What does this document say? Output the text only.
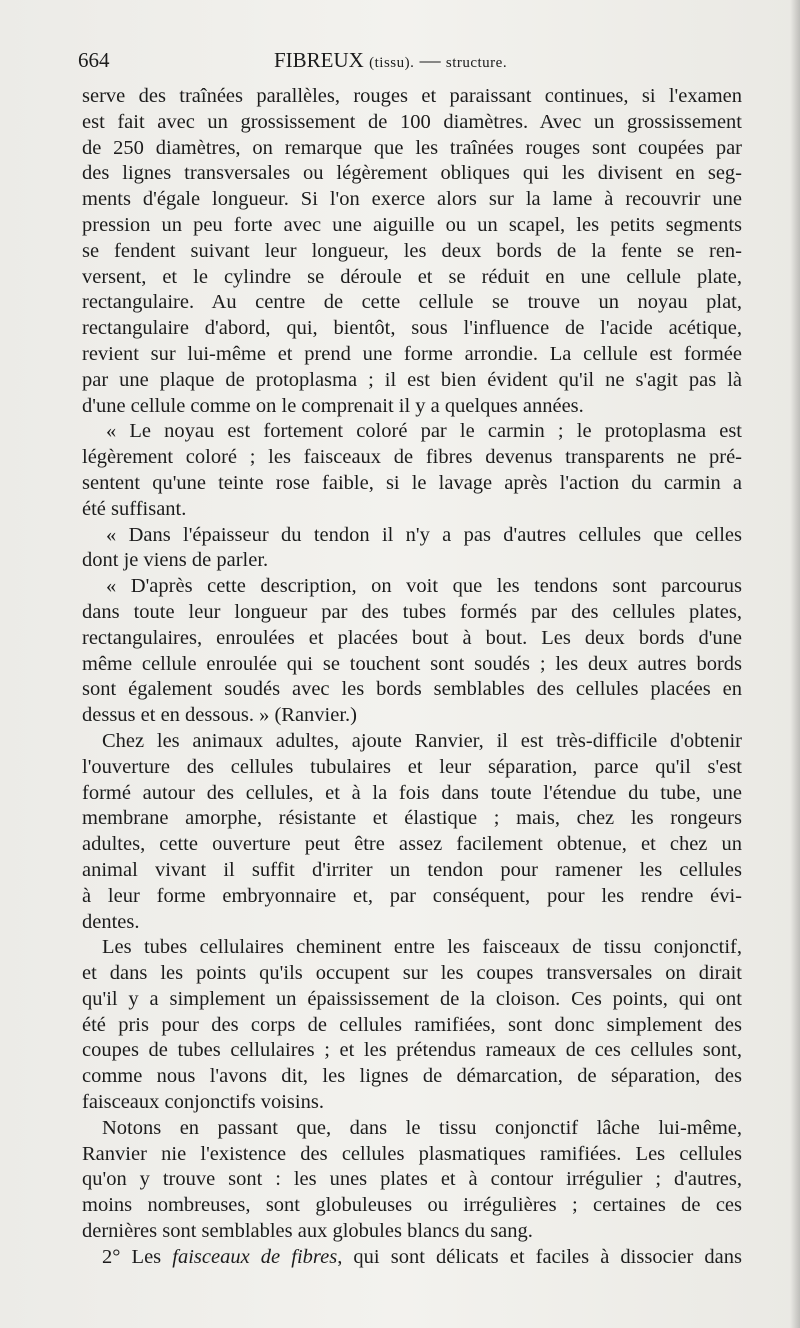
664	FIBREUX (tissu). — structure.
serve des traînées parallèles, rouges et paraissant continues, si l'examen
est fait avec un grossissement de 100 diamètres. Avec un grossissement
de 250 diamètres, on remarque que les traînées rouges sont coupées par
des lignes transversales ou légèrement obliques qui les divisent en seg-
ments d'égale longueur. Si l'on exerce alors sur la lame à recouvrir une
pression un peu forte avec une aiguille ou un scapel, les petits segments
se fendent suivant leur longueur, les deux bords de la fente se ren-
versent, et le cylindre se déroule et se réduit en une cellule plate,
rectangulaire. Au centre de cette cellule se trouve un noyau plat,
rectangulaire d'abord, qui, bientôt, sous l'influence de l'acide acétique,
revient sur lui-même et prend une forme arrondie. La cellule est formée
par une plaque de protoplasma ; il est bien évident qu'il ne s'agit pas là
d'une cellule comme on le comprenait il y a quelques années.
« Le noyau est fortement coloré par le carmin ; le protoplasma est
légèrement coloré ; les faisceaux de fibres devenus transparents ne pré-
sentent qu'une teinte rose faible, si le lavage après l'action du carmin a
été suffisant.
« Dans l'épaisseur du tendon il n'y a pas d'autres cellules que celles
dont je viens de parler.
« D'après cette description, on voit que les tendons sont parcourus
dans toute leur longueur par des tubes formés par des cellules plates,
rectangulaires, enroulées et placées bout à bout. Les deux bords d'une
même cellule enroulée qui se touchent sont soudés ; les deux autres bords
sont également soudés avec les bords semblables des cellules placées en
dessus et en dessous. » (Ranvier.)
Chez les animaux adultes, ajoute Ranvier, il est très-difficile d'obtenir
l'ouverture des cellules tubulaires et leur séparation, parce qu'il s'est
formé autour des cellules, et à la fois dans toute l'étendue du tube, une
membrane amorphe, résistante et élastique ; mais, chez les rongeurs
adultes, cette ouverture peut être assez facilement obtenue, et chez un
animal vivant il suffit d'irriter un tendon pour ramener les cellules
à leur forme embryonnaire et, par conséquent, pour les rendre évi-
dentes.
Les tubes cellulaires cheminent entre les faisceaux de tissu conjonctif,
et dans les points qu'ils occupent sur les coupes transversales on dirait
qu'il y a simplement un épaississement de la cloison. Ces points, qui ont
été pris pour des corps de cellules ramifiées, sont donc simplement des
coupes de tubes cellulaires ; et les prétendus rameaux de ces cellules sont,
comme nous l'avons dit, les lignes de démarcation, de séparation, des
faisceaux conjonctifs voisins.
Notons en passant que, dans le tissu conjonctif lâche lui-même,
Ranvier nie l'existence des cellules plasmatiques ramifiées. Les cellules
qu'on y trouve sont : les unes plates et à contour irrégulier ; d'autres,
moins nombreuses, sont globuleuses ou irrégulières ; certaines de ces
dernières sont semblables aux globules blancs du sang.
2° Les faisceaux de fibres, qui sont délicats et faciles à dissocier dans
